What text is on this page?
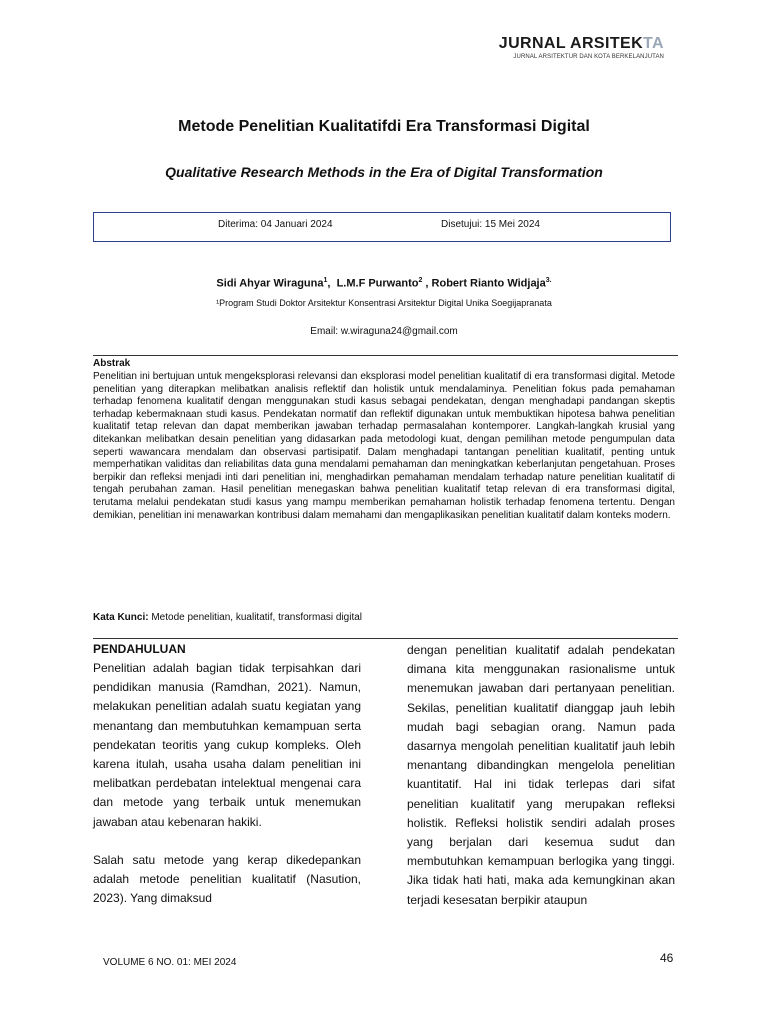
JURNAL ARSITEKTA
JURNAL ARSITEKTUR DAN KOTA BERKELANJUTAN
Metode Penelitian Kualitatifdi Era Transformasi Digital
Qualitative Research Methods in the Era of Digital Transformation
Diterima: 04 Januari 2024	Disetujui: 15 Mei 2024
Sidi Ahyar Wiraguna$^1$,  L.M.F Purwanto$^2$ , Robert Rianto Widjaja$^{3.}$
¹Program Studi Doktor Arsitektur Konsentrasi Arsitektur Digital Unika Soegijapranata
Email: w.wiraguna24@gmail.com
Abstrak
Penelitian ini bertujuan untuk mengeksplorasi relevansi dan eksplorasi model penelitian kualitatif di era transformasi digital. Metode penelitian yang diterapkan melibatkan analisis reflektif dan holistik untuk mendalaminya. Penelitian fokus pada pemahaman terhadap fenomena kualitatif dengan menggunakan studi kasus sebagai pendekatan, dengan menghadapi pandangan skeptis terhadap kebermaknaan studi kasus. Pendekatan normatif dan reflektif digunakan untuk membuktikan hipotesa bahwa penelitian kualitatif tetap relevan dan dapat memberikan jawaban terhadap permasalahan kontemporer. Langkah-langkah krusial yang ditekankan melibatkan desain penelitian yang didasarkan pada metodologi kuat, dengan pemilihan metode pengumpulan data seperti wawancara mendalam dan observasi partisipatif. Dalam menghadapi tantangan penelitian kualitatif, penting untuk memperhatikan validitas dan reliabilitas data guna mendalami pemahaman dan meningkatkan keberlanjutan pengetahuan. Proses berpikir dan refleksi menjadi inti dari penelitian ini, menghadirkan pemahaman mendalam terhadap nature penelitian kualitatif di tengah perubahan zaman. Hasil penelitian menegaskan bahwa penelitian kualitatif tetap relevan di era transformasi digital, terutama melalui pendekatan studi kasus yang mampu memberikan pemahaman holistik terhadap fenomena tertentu. Dengan demikian, penelitian ini menawarkan kontribusi dalam memahami dan mengaplikasikan penelitian kualitatif dalam konteks modern.
Kata Kunci: Metode penelitian, kualitatif, transformasi digital
PENDAHULUAN

Penelitian adalah bagian tidak terpisahkan dari pendidikan manusia (Ramdhan, 2021). Namun, melakukan penelitian adalah suatu kegiatan yang menantang dan membutuhkan kemampuan serta pendekatan teoritis yang cukup kompleks. Oleh karena itulah, usaha usaha dalam penelitian ini melibatkan perdebatan intelektual mengenai cara dan metode yang terbaik untuk menemukan jawaban atau kebenaran hakiki.

Salah satu metode yang kerap dikedepankan adalah metode penelitian kualitatif (Nasution, 2023). Yang dimaksud

dengan penelitian kualitatif adalah pendekatan dimana kita menggunakan rasionalisme untuk menemukan jawaban dari pertanyaan penelitian. Sekilas, penelitian kualitatif dianggap jauh lebih mudah bagi sebagian orang. Namun pada dasarnya mengolah penelitian kualitatif jauh lebih menantang dibandingkan mengelola penelitian kuantitatif. Hal ini tidak terlepas dari sifat penelitian kualitatif yang merupakan refleksi holistik. Refleksi holistik sendiri adalah proses yang berjalan dari kesemua sudut dan membutuhkan kemampuan berlogika yang tinggi. Jika tidak hati hati, maka ada kemungkinan akan terjadi kesesatan berpikir ataupun
VOLUME 6 NO. 01: MEI 2024	46
